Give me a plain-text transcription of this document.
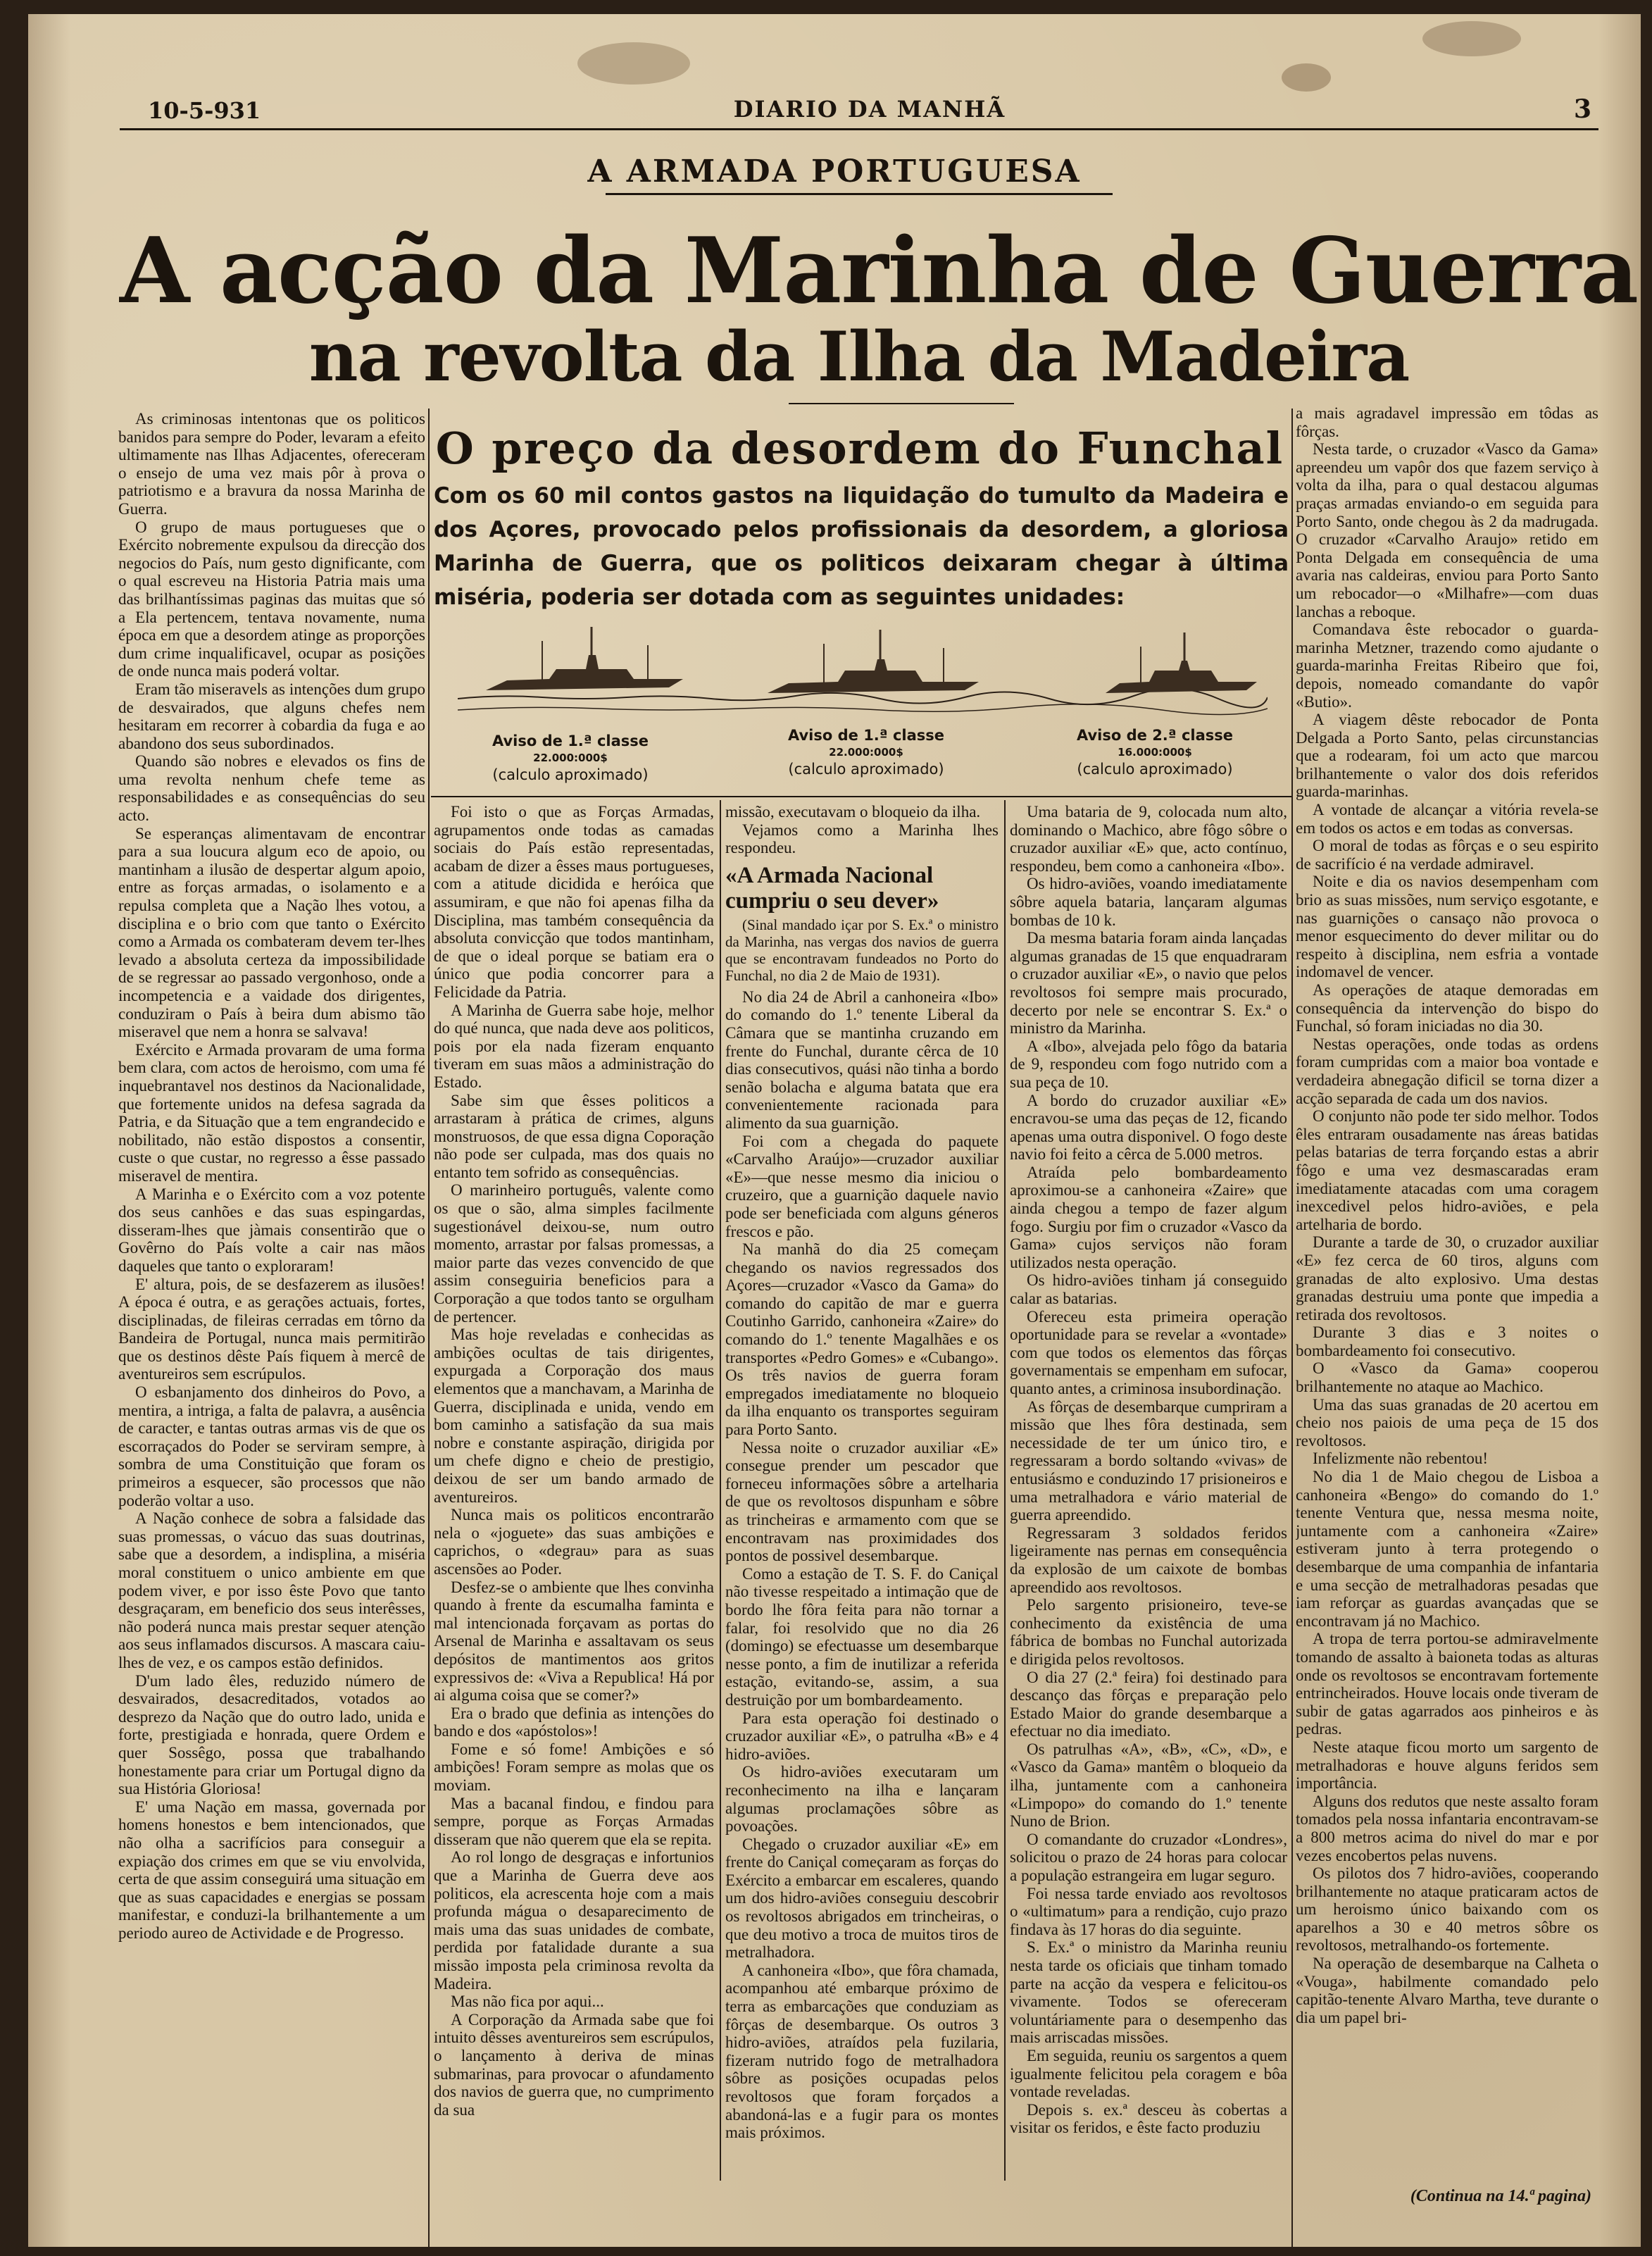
10-5-931	DIARIO DA MANHÃ	3
A ARMADA PORTUGUESA
A acção da Marinha de Guerra
na revolta da Ilha da Madeira

As criminosas intentonas que os politicos banidos para sempre do Poder, levaram a efeito ultimamente nas Ilhas Adjacentes, ofereceram o ensejo de uma vez mais pôr à prova o patriotismo e a bravura da nossa Marinha de Guerra.

O grupo de maus portugueses que o Exército nobremente expulsou da direcção dos negocios do País, num gesto dignificante, com o qual escreveu na Historia Patria mais uma das brilhantíssimas paginas das muitas que só a Ela pertencem, tentava novamente, numa época em que a desordem atinge as proporções dum crime inqualificavel, ocupar as posições de onde nunca mais poderá voltar.

Eram tão miseravels as intenções dum grupo de desvairados, que alguns chefes nem hesitaram em recorrer à cobardia da fuga e ao abandono dos seus subordinados.

Quando são nobres e elevados os fins de uma revolta nenhum chefe teme as responsabilidades e as consequências do seu acto.

Se esperanças alimentavam de encontrar para a sua loucura algum eco de apoio, ou mantinham a ilusão de despertar algum apoio, entre as forças armadas, o isolamento e a repulsa completa que a Nação lhes votou, a disciplina e o brio com que tanto o Exército como a Armada os combateram devem ter-lhes levado a absoluta certeza da impossibilidade de se regressar ao passado vergonhoso, onde a incompetencia e a vaidade dos dirigentes, conduziram o País à beira dum abismo tão miseravel que nem a honra se salvava!

Exército e Armada provaram de uma forma bem clara, com actos de heroismo, com uma fé inquebrantavel nos destinos da Nacionalidade, que fortemente unidos na defesa sagrada da Patria, e da Situação que a tem engrandecido e nobilitado, não estão dispostos a consentir, custe o que custar, no regresso a êsse passado miseravel de mentira.

A Marinha e o Exército com a voz potente dos seus canhões e das suas espingardas, disseram-lhes que jàmais consentirão que o Govêrno do País volte a cair nas mãos daqueles que tanto o exploraram!

E' altura, pois, de se desfazerem as ilusões! A época é outra, e as gerações actuais, fortes, disciplinadas, de fileiras cerradas em tôrno da Bandeira de Portugal, nunca mais permitirão que os destinos dêste País fiquem à mercê de aventureiros sem escrúpulos.

O esbanjamento dos dinheiros do Povo, a mentira, a intriga, a falta de palavra, a ausência de caracter, e tantas outras armas vis de que os escorraçados do Poder se serviram sempre, à sombra de uma Constituição que foram os primeiros a esquecer, são processos que não poderão voltar a uso.

A Nação conhece de sobra a falsidade das suas promessas, o vácuo das suas doutrinas, sabe que a desordem, a indisplina, a miséria moral constituem o unico ambiente em que podem viver, e por isso êste Povo que tanto desgraçaram, em beneficio dos seus interêsses, não poderá nunca mais prestar sequer atenção aos seus inflamados discursos. A mascara caiu-lhes de vez, e os campos estão definidos.

D'um lado êles, reduzido número de desvairados, desacreditados, votados ao desprezo da Nação que do outro lado, unida e forte, prestigiada e honrada, quere Ordem e quer Sossêgo, possa que trabalhando honestamente para criar um Portugal digno da sua História Gloriosa!

E' uma Nação em massa, governada por homens honestos e bem intencionados, que não olha a sacrifícios para conseguir a expiação dos crimes em que se viu envolvida, certa de que assim conseguirá uma situação em que as suas capacidades e energias se possam manifestar, e conduzi-la brilhantemente a um periodo aureo de Actividade e de Progresso.

O preço da desordem do Funchal
Com os 60 mil contos gastos na liquidação do tumulto da Madeira e dos Açores, provocado pelos profissionais da desordem, a gloriosa Marinha de Guerra, que os politicos deixaram chegar à última miséria, poderia ser dotada com as seguintes unidades:
Aviso de 1.ª classe
22.000:000$
(calculo aproximado)
Aviso de 1.ª classe
22.000:000$
(calculo aproximado)
Aviso de 2.ª classe
16.000:000$
(calculo aproximado)

Foi isto o que as Forças Armadas, agrupamentos onde todas as camadas sociais do País estão representadas, acabam de dizer a êsses maus portugueses, com a atitude dicidida e heróica que assumiram, e que não foi apenas filha da Disciplina, mas também consequência da absoluta convicção que todos mantinham, de que o ideal porque se batiam era o único que podia concorrer para a Felicidade da Patria.

A Marinha de Guerra sabe hoje, melhor do qué nunca, que nada deve aos politicos, pois por ela nada fizeram enquanto tiveram em suas mãos a administração do Estado.

Sabe sim que êsses politicos a arrastaram à prática de crimes, alguns monstruosos, de que essa digna Coporação não pode ser culpada, mas dos quais no entanto tem sofrido as consequências.

O marinheiro português, valente como os que o são, alma simples facilmente sugestionável deixou-se, num outro momento, arrastar por falsas promessas, a maior parte das vezes convencido de que assim conseguiria beneficios para a Corporação a que todos tanto se orgulham de pertencer.

Mas hoje reveladas e conhecidas as ambições ocultas de tais dirigentes, expurgada a Corporação dos maus elementos que a manchavam, a Marinha de Guerra, disciplinada e unida, vendo em bom caminho a satisfação da sua mais nobre e constante aspiração, dirigida por um chefe digno e cheio de prestigio, deixou de ser um bando armado de aventureiros.

Nunca mais os politicos encontrarão nela o «joguete» das suas ambições e caprichos, o «degrau» para as suas ascensões ao Poder.

Desfez-se o ambiente que lhes convinha quando à frente da escumalha faminta e mal intencionada forçavam as portas do Arsenal de Marinha e assaltavam os seus depósitos de mantimentos aos gritos expressivos de: «Viva a Republica! Há por ai alguma coisa que se comer?»

Era o brado que definia as intenções do bando e dos «apóstolos»!

Fome e só fome! Ambições e só ambições! Foram sempre as molas que os moviam.

Mas a bacanal findou, e findou para sempre, porque as Forças Armadas disseram que não querem que ela se repita.

Ao rol longo de desgraças e infortunios que a Marinha de Guerra deve aos politicos, ela acrescenta hoje com a mais profunda mágua o desaparecimento de mais uma das suas unidades de combate, perdida por fatalidade durante a sua missão imposta pela criminosa revolta da Madeira.

Mas não fica por aqui...

A Corporação da Armada sabe que foi intuito dêsses aventureiros sem escrúpulos, o lançamento à deriva de minas submarinas, para provocar o afundamento dos navios de guerra que, no cumprimento da sua

missão, executavam o bloqueio da ilha.

Vejamos como a Marinha lhes respondeu.

«A Armada Nacional cumpriu o seu dever»

(Sinal mandado içar por S. Ex.ª o ministro da Marinha, nas vergas dos navios de guerra que se encontravam fundeados no Porto do Funchal, no dia 2 de Maio de 1931).

No dia 24 de Abril a canhoneira «Ibo» do comando do 1.º tenente Liberal da Câmara que se mantinha cruzando em frente do Funchal, durante cêrca de 10 dias consecutivos, quási não tinha a bordo senão bolacha e alguma batata que era convenientemente racionada para alimento da sua guarnição.

Foi com a chegada do paquete «Carvalho Araújo»—cruzador auxiliar «E»—que nesse mesmo dia iniciou o cruzeiro, que a guarnição daquele navio pode ser beneficiada com alguns géneros frescos e pão.

Na manhã do dia 25 começam chegando os navios regressados dos Açores—cruzador «Vasco da Gama» do comando do capitão de mar e guerra Coutinho Garrido, canhoneira «Zaire» do comando do 1.º tenente Magalhães e os transportes «Pedro Gomes» e «Cubango». Os três navios de guerra foram empregados imediatamente no bloqueio da ilha enquanto os transportes seguiram para Porto Santo.

Nessa noite o cruzador auxiliar «E» consegue prender um pescador que forneceu informações sôbre a artelharia de que os revoltosos dispunham e sôbre as trincheiras e armamento com que se encontravam nas proximidades dos pontos de possivel desembarque.

Como a estação de T. S. F. do Caniçal não tivesse respeitado a intimação que de bordo lhe fôra feita para não tornar a falar, foi resolvido que no dia 26 (domingo) se efectuasse um desembarque nesse ponto, a fim de inutilizar a referida estação, evitando-se, assim, a sua destruição por um bombardeamento.

Para esta operação foi destinado o cruzador auxiliar «E», o patrulha «B» e 4 hidro-aviões.

Os hidro-aviões executaram um reconhecimento na ilha e lançaram algumas proclamações sôbre as povoações.

Chegado o cruzador auxiliar «E» em frente do Caniçal começaram as forças do Exército a embarcar em escaleres, quando um dos hidro-aviões conseguiu descobrir os revoltosos abrigados em trincheiras, o que deu motivo a troca de muitos tiros de metralhadora.

A canhoneira «Ibo», que fôra chamada, acompanhou até embarque próximo de terra as embarcações que conduziam as fôrças de desembarque. Os outros 3 hidro-aviões, atraídos pela fuzilaria, fizeram nutrido fogo de metralhadora sôbre as posições ocupadas pelos revoltosos que foram forçados a abandoná-las e a fugir para os montes mais próximos.

Uma bataria de 9, colocada num alto, dominando o Machico, abre fôgo sôbre o cruzador auxiliar «E» que, acto contínuo, respondeu, bem como a canhoneira «Ibo».

Os hidro-aviões, voando imediatamente sôbre aquela bataria, lançaram algumas bombas de 10 k.

Da mesma bataria foram ainda lançadas algumas granadas de 15 que enquadraram o cruzador auxiliar «E», o navio que pelos revoltosos foi sempre mais procurado, decerto por nele se encontrar S. Ex.ª o ministro da Marinha.

A «Ibo», alvejada pelo fôgo da bataria de 9, respondeu com fogo nutrido com a sua peça de 10.

A bordo do cruzador auxiliar «E» encravou-se uma das peças de 12, ficando apenas uma outra disponivel. O fogo deste navio foi feito a cêrca de 5.000 metros.

Atraída pelo bombardeamento aproximou-se a canhoneira «Zaire» que ainda chegou a tempo de fazer algum fogo. Surgiu por fim o cruzador «Vasco da Gama» cujos serviços não foram utilizados nesta operação.

Os hidro-aviões tinham já conseguido calar as batarias.

Ofereceu esta primeira operação oportunidade para se revelar a «vontade» com que todos os elementos das fôrças governamentais se empenham em sufocar, quanto antes, a criminosa insubordinação.

As fôrças de desembarque cumpriram a missão que lhes fôra destinada, sem necessidade de ter um único tiro, e regressaram a bordo soltando «vivas» de entusiásmo e conduzindo 17 prisioneiros e uma metralhadora e vário material de guerra apreendido.

Regressaram 3 soldados feridos ligeiramente nas pernas em consequência da explosão de um caixote de bombas apreendido aos revoltosos.

Pelo sargento prisioneiro, teve-se conhecimento da existência de uma fábrica de bombas no Funchal autorizada e dirigida pelos revoltosos.

O dia 27 (2.ª feira) foi destinado para descanço das fôrças e preparação pelo Estado Maior do grande desembarque a efectuar no dia imediato.

Os patrulhas «A», «B», «C», «D», e «Vasco da Gama» mantêm o bloqueio da ilha, juntamente com a canhoneira «Limpopo» do comando do 1.º tenente Nuno de Brion.

O comandante do cruzador «Londres», solicitou o prazo de 24 horas para colocar a população estrangeira em lugar seguro.

Foi nessa tarde enviado aos revoltosos o «ultimatum» para a rendição, cujo prazo findava às 17 horas do dia seguinte.

S. Ex.ª o ministro da Marinha reuniu nesta tarde os oficiais que tinham tomado parte na acção da vespera e felicitou-os vivamente. Todos se ofereceram voluntáriamente para o desempenho das mais arriscadas missões.

Em seguida, reuniu os sargentos a quem igualmente felicitou pela coragem e bôa vontade reveladas.

Depois s. ex.ª desceu às cobertas a visitar os feridos, e êste facto produziu

a mais agradavel impressão em tôdas as fôrças.

Nesta tarde, o cruzador «Vasco da Gama» apreendeu um vapôr dos que fazem serviço à volta da ilha, para o qual destacou algumas praças armadas enviando-o em seguida para Porto Santo, onde chegou às 2 da madrugada. O cruzador «Carvalho Araujo» retido em Ponta Delgada em consequência de uma avaria nas caldeiras, enviou para Porto Santo um rebocador—o «Milhafre»—com duas lanchas a reboque.

Comandava êste rebocador o guarda-marinha Metzner, trazendo como ajudante o guarda-marinha Freitas Ribeiro que foi, depois, nomeado comandante do vapôr «Butio».

A viagem dêste rebocador de Ponta Delgada a Porto Santo, pelas circunstancias que a rodearam, foi um acto que marcou brilhantemente o valor dos dois referidos guarda-marinhas.

A vontade de alcançar a vitória revela-se em todos os actos e em todas as conversas.

O moral de todas as fôrças e o seu espirito de sacrifício é na verdade admiravel.

Noite e dia os navios desempenham com brio as suas missões, num serviço esgotante, e nas guarnições o cansaço não provoca o menor esquecimento do dever militar ou do respeito à disciplina, nem esfria a vontade indomavel de vencer.

As operações de ataque demoradas em consequência da intervenção do bispo do Funchal, só foram iniciadas no dia 30.

Nestas operações, onde todas as ordens foram cumpridas com a maior boa vontade e verdadeira abnegação dificil se torna dizer a acção separada de cada um dos navios.

O conjunto não pode ter sido melhor. Todos êles entraram ousadamente nas áreas batidas pelas batarias de terra forçando estas a abrir fôgo e uma vez desmascaradas eram imediatamente atacadas com uma coragem inexcedivel pelos hidro-aviões, e pela artelharia de bordo.

Durante a tarde de 30, o cruzador auxiliar «E» fez cerca de 60 tiros, alguns com granadas de alto explosivo. Uma destas granadas destruiu uma ponte que impedia a retirada dos revoltosos.

Durante 3 dias e 3 noites o bombardeamento foi consecutivo.

O «Vasco da Gama» cooperou brilhantemente no ataque ao Machico.

Uma das suas granadas de 20 acertou em cheio nos paiois de uma peça de 15 dos revoltosos.

Infelizmente não rebentou!

No dia 1 de Maio chegou de Lisboa a canhoneira «Bengo» do comando do 1.º tenente Ventura que, nessa mesma noite, juntamente com a canhoneira «Zaire» estiveram junto à terra protegendo o desembarque de uma companhia de infantaria e uma secção de metralhadoras pesadas que iam reforçar as guardas avançadas que se encontravam já no Machico.

A tropa de terra portou-se admiravelmente tomando de assalto à baioneta todas as alturas onde os revoltosos se encontravam fortemente entrincheirados. Houve locais onde tiveram de subir de gatas agarrados aos pinheiros e às pedras.

Neste ataque ficou morto um sargento de metralhadoras e houve alguns feridos sem importância.

Alguns dos redutos que neste assalto foram tomados pela nossa infantaria encontravam-se a 800 metros acima do nivel do mar e por vezes encobertos pelas nuvens.

Os pilotos dos 7 hidro-aviões, cooperando brilhantemente no ataque praticaram actos de um heroismo único baixando com os aparelhos a 30 e 40 metros sôbre os revoltosos, metralhando-os fortemente.

Na operação de desembarque na Calheta o «Vouga», habilmente comandado pelo capitão-tenente Alvaro Martha, teve durante o dia um papel bri-

(Continua na 14.ª pagina)
